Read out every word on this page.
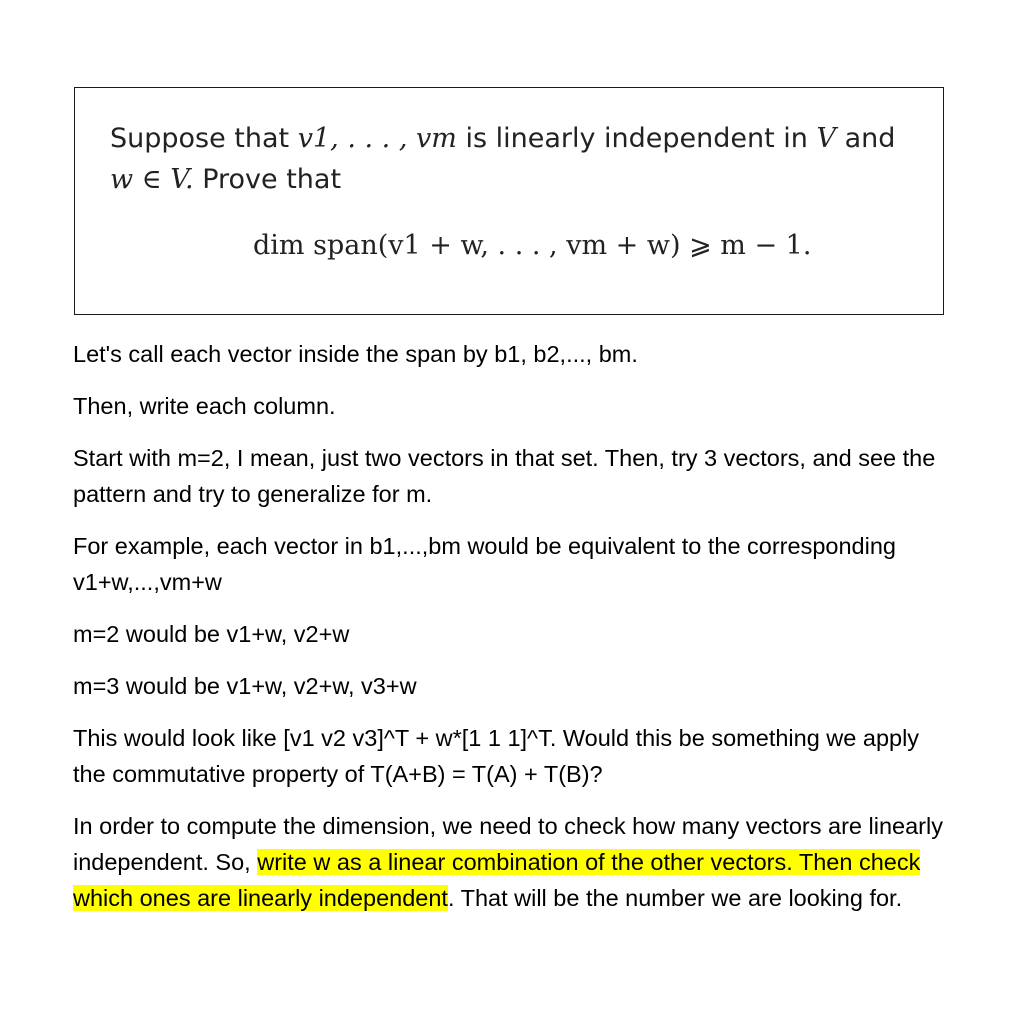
Suppose that v1, . . . , vm is linearly independent in V and
w ∈ V. Prove that
dim span(v1 + w, . . . , vm + w) ⩾ m − 1.

Let's call each vector inside the span by b1, b2,..., bm.

Then, write each column.

Start with m=2, I mean, just two vectors in that set. Then, try 3 vectors, and see the pattern and try to generalize for m.

For example, each vector in b1,...,bm would be equivalent to the corresponding v1+w,...,vm+w

m=2 would be v1+w, v2+w

m=3 would be v1+w, v2+w, v3+w

This would look like [v1 v2 v3]^T + w*[1 1 1]^T. Would this be something we apply the commutative property of T(A+B) = T(A) + T(B)?

In order to compute the dimension, we need to check how many vectors are linearly independent. So, write w as a linear combination of the other vectors. Then check which ones are linearly independent. That will be the number we are looking for.
